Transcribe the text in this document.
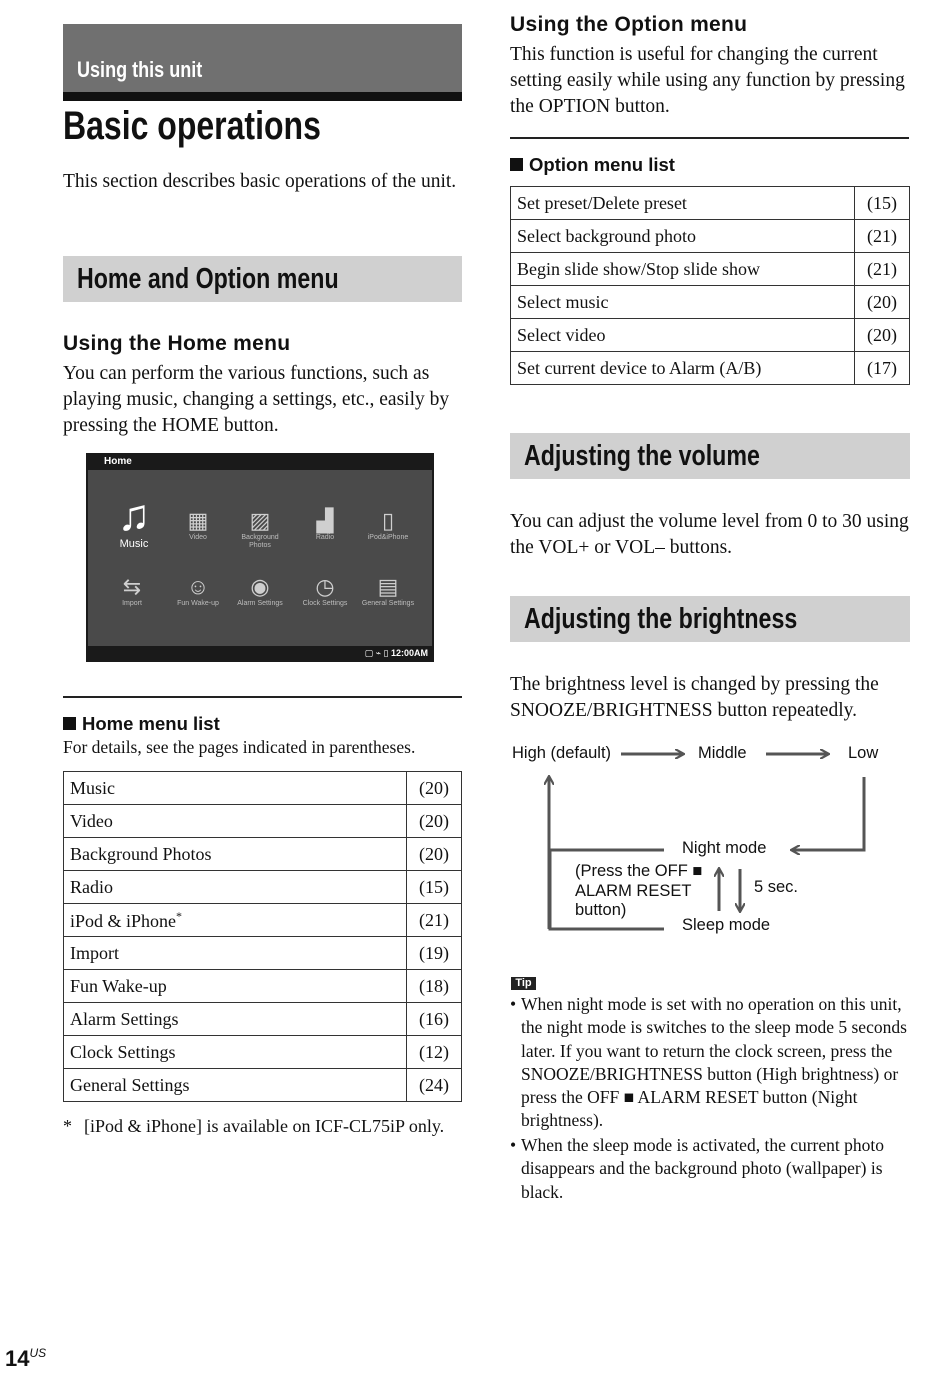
Using this unit
Basic operations
This section describes basic operations of the unit.
Home and Option menu
Using the Home menu
You can perform the various functions, such as playing music, changing a settings, etc., easily by pressing the HOME button.
Home
♫
Music
▦
Video
▨
Background Photos
▟
Radio
▯
iPod&iPhone
⇆
Import
☺
Fun Wake-up
◉
Alarm Settings
◷
Clock Settings
▤
General Settings
▢ ⌁ ▯ 12:00AM
Home menu list
For details, see the pages indicated in parentheses.
Music	(20)
Video	(20)
Background Photos	(20)
Radio	(15)
iPod & iPhone*	(21)
Import	(19)
Fun Wake-up	(18)
Alarm Settings	(16)
Clock Settings	(12)
General Settings	(24)
* [iPod & iPhone] is available on ICF-CL75iP only.
Using the Option menu
This function is useful for changing the current setting easily while using any function by pressing the OPTION button.
Option menu list
Set preset/Delete preset	(15)
Select background photo	(21)
Begin slide show/Stop slide show	(21)
Select music	(20)
Select video	(20)
Set current device to Alarm (A/B)	(17)
Adjusting the volume
You can adjust the volume level from 0 to 30 using the VOL+ or VOL– buttons.
Adjusting the brightness
The brightness level is changed by pressing the SNOOZE/BRIGHTNESS button repeatedly.
High (default)	Middle	Low
Night mode
(Press the OFF ■
ALARM RESET
button)
5 sec.
Sleep mode
Tip
• When night mode is set with no operation on this unit, the night mode is switches to the sleep mode 5 seconds later. If you want to return the clock screen, press the SNOOZE/BRIGHTNESS button (High brightness) or press the OFF ■ ALARM RESET button (Night brightness).
• When the sleep mode is activated, the current photo disappears and the background photo (wallpaper) is black.
$14^{US}$
